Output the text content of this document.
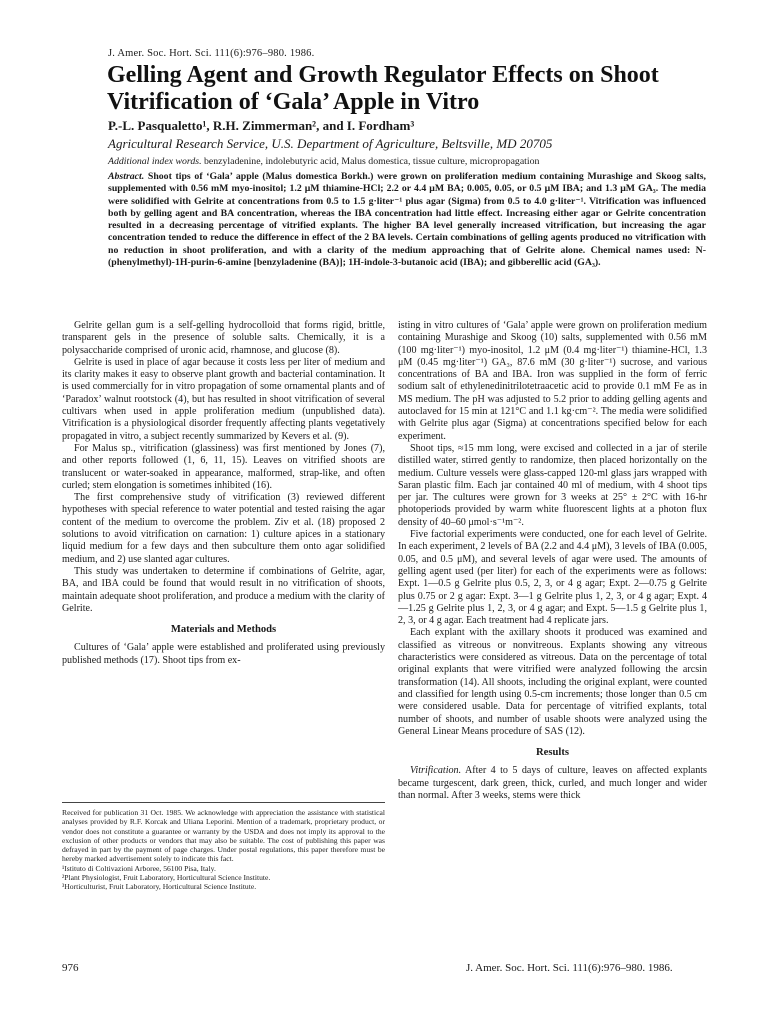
J. Amer. Soc. Hort. Sci. 111(6):976–980. 1986.
Gelling Agent and Growth Regulator Effects on Shoot Vitrification of ‘Gala’ Apple in Vitro
P.-L. Pasqualetto¹, R.H. Zimmerman², and I. Fordham³
Agricultural Research Service, U.S. Department of Agriculture, Beltsville, MD 20705
Additional index words. benzyladenine, indolebutyric acid, Malus domestica, tissue culture, micropropagation
Abstract. Shoot tips of ‘Gala’ apple (Malus domestica Borkh.) were grown on proliferation medium containing Murashige and Skoog salts, supplemented with 0.56 mM myo-inositol; 1.2 μM thiamine-HCl; 2.2 or 4.4 μM BA; 0.005, 0.05, or 0.5 μM IBA; and 1.3 μM GA₃. The media were solidified with Gelrite at concentrations from 0.5 to 1.5 g·liter⁻¹ plus agar (Sigma) from 0.5 to 4.0 g·liter⁻¹. Vitrification was influenced both by gelling agent and BA concentration, whereas the IBA concentration had little effect. Increasing either agar or Gelrite concentration resulted in a decreasing percentage of vitrified explants. The higher BA level generally increased vitrification, but increasing the agar concentration tended to reduce the difference in effect of the 2 BA levels. Certain combinations of gelling agents produced no vitrification with no reduction in shoot proliferation, and with a clarity of the medium approaching that of Gelrite alone. Chemical names used: N-(phenylmethyl)-1H-purin-6-amine [benzyladenine (BA)]; 1H-indole-3-butanoic acid (IBA); and gibberellic acid (GA₃).

Gelrite gellan gum is a self-gelling hydrocolloid that forms rigid, brittle, transparent gels in the presence of soluble salts. Chemically, it is a polysaccharide comprised of uronic acid, rhamnose, and glucose (8).

Gelrite is used in place of agar because it costs less per liter of medium and its clarity makes it easy to observe plant growth and bacterial contamination. It is used commercially for in vitro propagation of some ornamental plants and of ‘Paradox’ walnut rootstock (4), but has resulted in shoot vitrification of several cultivars when used in apple proliferation medium (unpublished data). Vitrification is a physiological disorder frequently affecting plants vegetatively propagated in vitro, a subject recently summarized by Kevers et al. (9).

For Malus sp., vitrification (glassiness) was first mentioned by Jones (7), and other reports followed (1, 6, 11, 15). Leaves on vitrified shoots are translucent or water-soaked in appearance, malformed, strap-like, and often curled; stem elongation is sometimes inhibited (16).

The first comprehensive study of vitrification (3) reviewed different hypotheses with special reference to water potential and tested raising the agar content of the medium to overcome the problem. Ziv et al. (18) proposed 2 solutions to avoid vitrification on carnation: 1) culture apices in a stationary liquid medium for a few days and then subculture them onto agar solidified medium, and 2) use slanted agar cultures.

This study was undertaken to determine if combinations of Gelrite, agar, BA, and IBA could be found that would result in no vitrification of shoots, maintain adequate shoot proliferation, and produce a medium with the clarity of Gelrite.

Materials and Methods

Cultures of ‘Gala’ apple were established and proliferated using previously published methods (17). Shoot tips from ex-

Received for publication 31 Oct. 1985. We acknowledge with appreciation the assistance with statistical analyses provided by R.F. Korcak and Uliana Leporini. Mention of a trademark, proprietary product, or vendor does not constitute a guarantee or warranty by the USDA and does not imply its approval to the exclusion of other products or vendors that may also be suitable. The cost of publishing this paper was defrayed in part by the payment of page charges. Under postal regulations, this paper therefore must be hereby marked advertisement solely to indicate this fact.

¹Istituto di Coltivazioni Arboree, 56100 Pisa, Italy.

²Plant Physiologist, Fruit Laboratory, Horticultural Science Institute.

³Horticulturist, Fruit Laboratory, Horticultural Science Institute.

isting in vitro cultures of ‘Gala’ apple were grown on proliferation medium containing Murashige and Skoog (10) salts, supplemented with 0.56 mM (100 mg·liter⁻¹) myo-inositol, 1.2 μM (0.4 mg·liter⁻¹) thiamine-HCl, 1.3 μM (0.45 mg·liter⁻¹) GA₃, 87.6 mM (30 g·liter⁻¹) sucrose, and various concentrations of BA and IBA. Iron was supplied in the form of ferric sodium salt of ethylenedinitrilotetraacetic acid to provide 0.1 mM Fe as in MS medium. The pH was adjusted to 5.2 prior to adding gelling agents and autoclaved for 15 min at 121°C and 1.1 kg·cm⁻². The media were solidified with Gelrite plus agar (Sigma) at concentrations specified below for each experiment.

Shoot tips, ≈15 mm long, were excised and collected in a jar of sterile distilled water, stirred gently to randomize, then placed horizontally on the medium. Culture vessels were glass-capped 120-ml glass jars wrapped with Saran plastic film. Each jar contained 40 ml of medium, with 4 shoot tips per jar. The cultures were grown for 3 weeks at 25° ± 2°C with 16-hr photoperiods provided by warm white fluorescent lights at a photon flux density of 40–60 μmol·s⁻¹m⁻².

Five factorial experiments were conducted, one for each level of Gelrite. In each experiment, 2 levels of BA (2.2 and 4.4 μM), 3 levels of IBA (0.005, 0.05, and 0.5 μM), and several levels of agar were used. The amounts of gelling agent used (per liter) for each of the experiments were as follows: Expt. 1—0.5 g Gelrite plus 0.5, 2, 3, or 4 g agar; Expt. 2—0.75 g Gelrite plus 0.75 or 2 g agar: Expt. 3—1 g Gelrite plus 1, 2, 3, or 4 g agar; Expt. 4—1.25 g Gelrite plus 1, 2, 3, or 4 g agar; and Expt. 5—1.5 g Gelrite plus 1, 2, 3, or 4 g agar. Each treatment had 4 replicate jars.

Each explant with the axillary shoots it produced was examined and classified as vitreous or nonvitreous. Explants showing any vitreous characteristics were considered as vitreous. Data on the percentage of total original explants that were vitrified were analyzed following the arcsin transformation (14). All shoots, including the original explant, were counted and classified for length using 0.5-cm increments; those longer than 0.5 cm were considered usable. Data for percentage of vitrified explants, total number of shoots, and number of usable shoots were analyzed using the General Linear Means procedure of SAS (12).

Results

Vitrification. After 4 to 5 days of culture, leaves on affected explants became turgescent, dark green, thick, curled, and much longer and wider than normal. After 3 weeks, stems were thick

976	J. Amer. Soc. Hort. Sci. 111(6):976–980. 1986.
